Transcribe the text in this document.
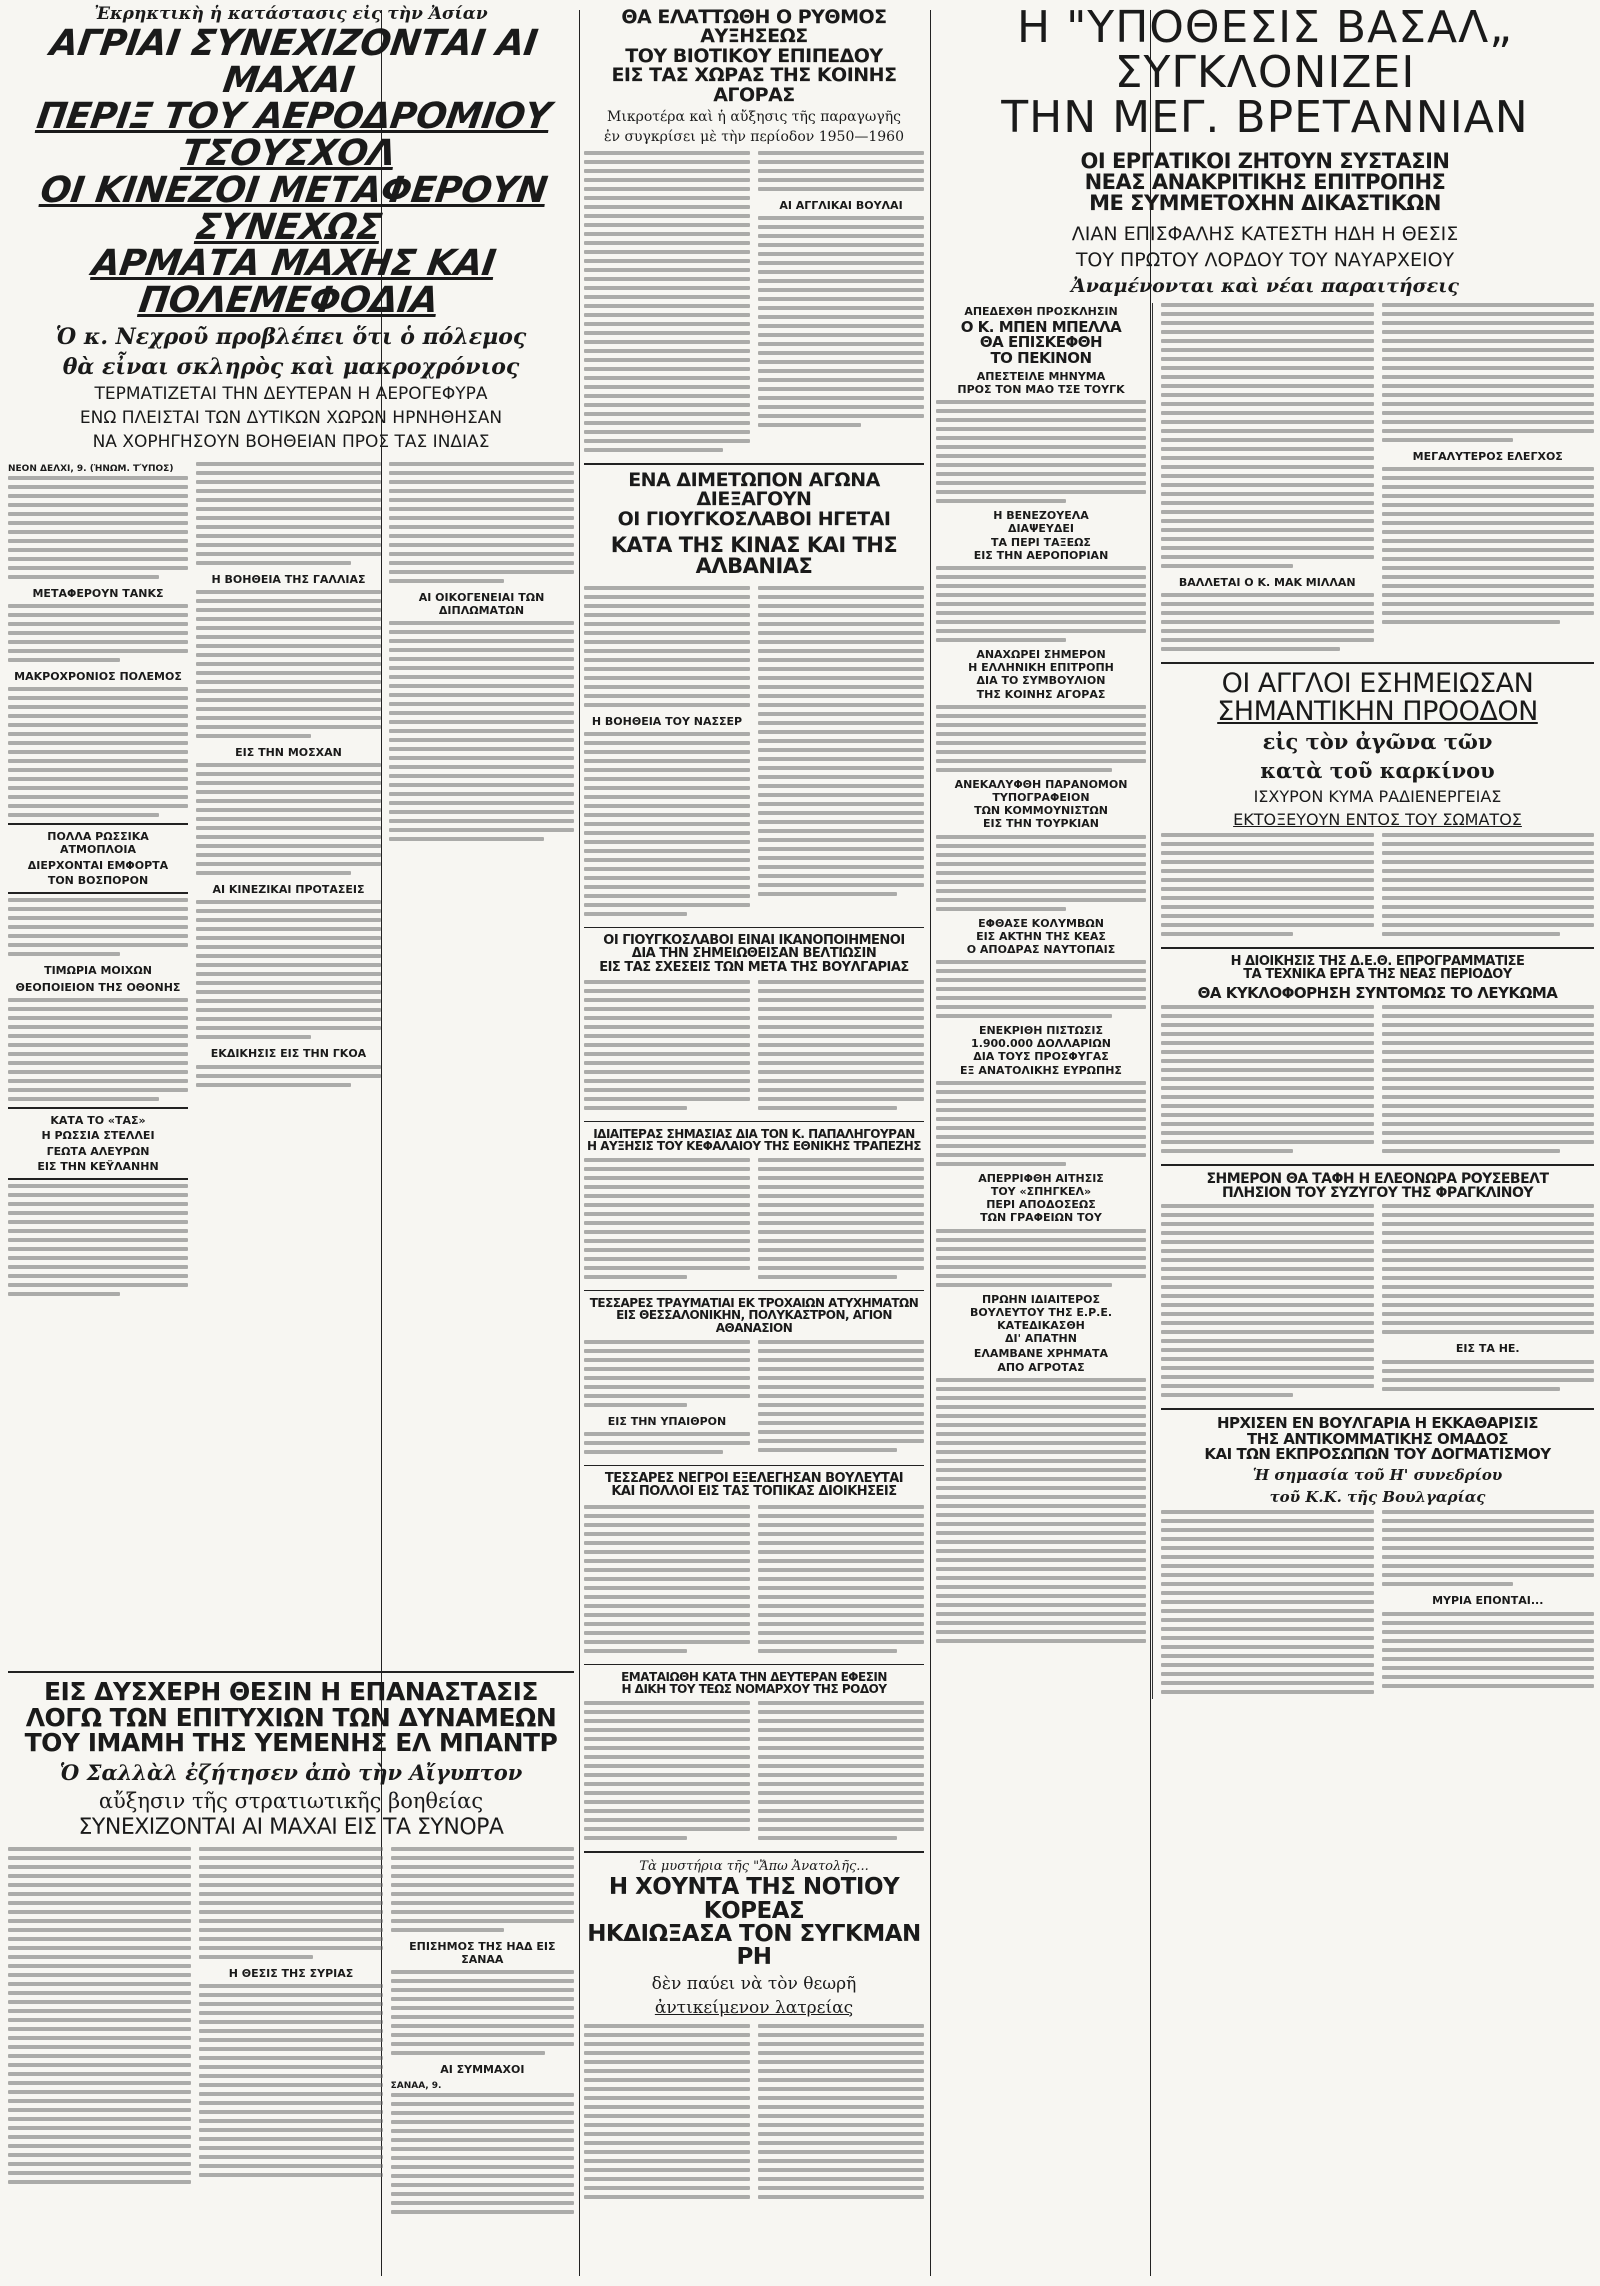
Ἐκρηκτικὴ ἡ κατάστασις εἰς τὴν Ἀσίαν
ΑΓΡΙΑΙ ΣΥΝΕΧΙΖΟΝΤΑΙ ΑΙ ΜΑΧΑΙ
ΠΕΡΙΞ ΤΟΥ ΑΕΡΟΔΡΟΜΙΟΥ ΤΣΟΥΣΧΟΛ
ΟΙ ΚΙΝΕΖΟΙ ΜΕΤΑΦΕΡΟΥΝ ΣΥΝΕΧΩΣ
ΑΡΜΑΤΑ ΜΑΧΗΣ ΚΑΙ ΠΟΛΕΜΕΦΟΔΙΑ
Ὁ κ. Νεχροῦ προβλέπει ὅτι ὁ πόλεμος
θὰ εἶναι σκληρὸς καὶ μακροχρόνιος
ΤΕΡΜΑΤΙΖΕΤΑΙ ΤΗΝ ΔΕΥΤΕΡΑΝ Η ΑΕΡΟΓΕΦΥΡΑ
ΕΝΩ ΠΛΕΙΣΤΑΙ ΤΩΝ ΔΥΤΙΚΩΝ ΧΩΡΩΝ ΗΡΝΗΘΗΣΑΝ
ΝΑ ΧΟΡΗΓΗΣΟΥΝ ΒΟΗΘΕΙΑΝ ΠΡΟΣ ΤΑΣ ΙΝΔΙΑΣ
ΝΕΟΝ ΔΕΛΧΙ, 9. (ἨΝΩΜ. ΤΎΠΟΣ)
ΜΕΤΑΦΕΡΟΥΝ ΤΑΝΚΣ
ΜΑΚΡΟΧΡΟΝΙΟΣ ΠΟΛΕΜΟΣ
ΠΟΛΛΑ ΡΩΣΣΙΚΑ ΑΤΜΟΠΛΟΙΑ
ΔΙΕΡΧΟΝΤΑΙ ΕΜΦΟΡΤΑ
ΤΟΝ ΒΟΣΠΟΡΟΝ
ΤΙΜΩΡΙΑ ΜΟΙΧΩΝ
ΘΕΟΠΟΙΕΙΟΝ ΤΗΣ ΟΘΟΝΗΣ
ΚΑΤΑ ΤΟ «ΤΑΣ»
Η ΡΩΣΣΙΑ ΣΤΕΛΛΕΙ
ΓΕΩΤΑ ΑΛΕΥΡΩΝ
ΕΙΣ ΤΗΝ ΚΕΫΛΑΝΗΝ
Η ΒΟΗΘΕΙΑ ΤΗΣ ΓΑΛΛΙΑΣ
ΕΙΣ ΤΗΝ ΜΟΣΧΑΝ
ΑΙ ΚΙΝΕΖΙΚΑΙ ΠΡΟΤΑΣΕΙΣ
ΕΚΔΙΚΗΣΙΣ ΕΙΣ ΤΗΝ ΓΚΟΑ
ΑΙ ΟΙΚΟΓΕΝΕΙΑΙ ΤΩΝ ΔΙΠΛΩΜΑΤΩΝ
ΘΑ ΕΛΑΤΤΩΘΗ Ο ΡΥΘΜΟΣ ΑΥΞΗΣΕΩΣ
ΤΟΥ ΒΙΟΤΙΚΟΥ ΕΠΙΠΕΔΟΥ
ΕΙΣ ΤΑΣ ΧΩΡΑΣ ΤΗΣ ΚΟΙΝΗΣ ΑΓΟΡΑΣ
Μικροτέρα καὶ ἡ αὔξησις τῆς παραγωγῆς
ἐν συγκρίσει μὲ τὴν περίοδον 1950—1960
ΑΙ ΑΓΓΛΙΚΑΙ ΒΟΥΛΑΙ
ΕΝΑ ΔΙΜΕΤΩΠΟΝ ΑΓΩΝΑ ΔΙΕΞΑΓΟΥΝ
ΟΙ ΓΙΟΥΓΚΟΣΛΑΒΟΙ ΗΓΕΤΑΙ
ΚΑΤΑ ΤΗΣ ΚΙΝΑΣ ΚΑΙ ΤΗΣ ΑΛΒΑΝΙΑΣ
Η ΒΟΗΘΕΙΑ ΤΟΥ ΝΑΣΣΕΡ
ΟΙ ΓΙΟΥΓΚΟΣΛΑΒΟΙ ΕΙΝΑΙ ΙΚΑΝΟΠΟΙΗΜΕΝΟΙ
ΔΙΑ ΤΗΝ ΣΗΜΕΙΩΘΕΙΣΑΝ ΒΕΛΤΙΩΣΙΝ
ΕΙΣ ΤΑΣ ΣΧΕΣΕΙΣ ΤΩΝ ΜΕΤΑ ΤΗΣ ΒΟΥΛΓΑΡΙΑΣ
ΙΔΙΑΙΤΕΡΑΣ ΣΗΜΑΣΙΑΣ ΔΙΑ ΤΟΝ Κ. ΠΑΠΑΛΗΓΟΥΡΑΝ
Η ΑΥΞΗΣΙΣ ΤΟΥ ΚΕΦΑΛΑΙΟΥ ΤΗΣ ΕΘΝΙΚΗΣ ΤΡΑΠΕΖΗΣ
ΤΕΣΣΑΡΕΣ ΤΡΑΥΜΑΤΙΑΙ ΕΚ ΤΡΟΧΑΙΩΝ ΑΤΥΧΗΜΑΤΩΝ
ΕΙΣ ΘΕΣΣΑΛΟΝΙΚΗΝ, ΠΟΛΥΚΑΣΤΡΟΝ, ΑΓΙΟΝ ΑΘΑΝΑΣΙΟΝ
ΕΙΣ ΤΗΝ ΥΠΑΙΘΡΟΝ
ΤΕΣΣΑΡΕΣ ΝΕΓΡΟΙ ΕΞΕΛΕΓΗΣΑΝ ΒΟΥΛΕΥΤΑΙ
ΚΑΙ ΠΟΛΛΟΙ ΕΙΣ ΤΑΣ ΤΟΠΙΚΑΣ ΔΙΟΙΚΗΣΕΙΣ
ΕΜΑΤΑΙΩΘΗ ΚΑΤΑ ΤΗΝ ΔΕΥΤΕΡΑΝ ΕΦΕΣΙΝ
Η ΔΙΚΗ ΤΟΥ ΤΕΩΣ ΝΟΜΑΡΧΟΥ ΤΗΣ ΡΟΔΟΥ
Τὰ μυστήρια τῆς "Ἄπω Ἀνατολῆς...
Η ΧΟΥΝΤΑ ΤΗΣ ΝΟΤΙΟΥ ΚΟΡΕΑΣ
ΗΚΔΙΩΞΑΣΑ ΤΟΝ ΣΥΓΚΜΑΝ ΡΗ
δὲν παύει νὰ τὸν θεωρῆ
ἀντικείμενον λατρείας
Η "ΥΠΟΘΕΣΙΣ ΒΑΣΑΛ„
ΣΥΓΚΛΟΝΙΖΕΙ
ΤΗΝ ΜΕΓ. ΒΡΕΤΑΝΝΙΑΝ
ΟΙ ΕΡΓΑΤΙΚΟΙ ΖΗΤΟΥΝ ΣΥΣΤΑΣΙΝ
ΝΕΑΣ ΑΝΑΚΡΙΤΙΚΗΣ ΕΠΙΤΡΟΠΗΣ
ΜΕ ΣΥΜΜΕΤΟΧΗΝ ΔΙΚΑΣΤΙΚΩΝ
ΛΙΑΝ ΕΠΙΣΦΑΛΗΣ ΚΑΤΕΣΤΗ ΗΔΗ Η ΘΕΣΙΣ
ΤΟΥ ΠΡΩΤΟΥ ΛΟΡΔΟΥ ΤΟΥ ΝΑΥΑΡΧΕΙΟΥ
Ἀναμένονται καὶ νέαι παραιτήσεις
ΑΠΕΔΕΧΘΗ ΠΡΟΣΚΛΗΣΙΝ
Ο Κ. ΜΠΕΝ ΜΠΕΛΛΑ
ΘΑ ΕΠΙΣΚΕΦΘΗ
ΤΟ ΠΕΚΙΝΟΝ
ΑΠΕΣΤΕΙΛΕ ΜΗΝΥΜΑ
ΠΡΟΣ ΤΟΝ ΜΑΟ ΤΣΕ ΤΟΥΓΚ
Η ΒΕΝΕΖΟΥΕΛΑ
ΔΙΑΨΕΥΔΕΙ
ΤΑ ΠΕΡΙ ΤΑΞΕΩΣ
ΕΙΣ ΤΗΝ ΑΕΡΟΠΟΡΙΑΝ
ΑΝΑΧΩΡΕΙ ΣΗΜΕΡΟΝ
Η ΕΛΛΗΝΙΚΗ ΕΠΙΤΡΟΠΗ
ΔΙΑ ΤΟ ΣΥΜΒΟΥΛΙΟΝ
ΤΗΣ ΚΟΙΝΗΣ ΑΓΟΡΑΣ
ΑΝΕΚΑΛΥΦΘΗ ΠΑΡΑΝΟΜΟΝ
ΤΥΠΟΓΡΑΦΕΙΟΝ
ΤΩΝ ΚΟΜΜΟΥΝΙΣΤΩΝ
ΕΙΣ ΤΗΝ ΤΟΥΡΚΙΑΝ
ΕΦΘΑΣΕ ΚΟΛΥΜΒΩΝ
ΕΙΣ ΑΚΤΗΝ ΤΗΣ ΚΕΑΣ
Ο ΑΠΟΔΡΑΣ ΝΑΥΤΟΠΑΙΣ
ΕΝΕΚΡΙΘΗ ΠΙΣΤΩΣΙΣ
1.900.000 ΔΟΛΛΑΡΙΩΝ
ΔΙΑ ΤΟΥΣ ΠΡΟΣΦΥΓΑΣ
ΕΞ ΑΝΑΤΟΛΙΚΗΣ ΕΥΡΩΠΗΣ
ΑΠΕΡΡΙΦΘΗ ΑΙΤΗΣΙΣ
ΤΟΥ «ΣΠΗΓΚΕΛ»
ΠΕΡΙ ΑΠΟΔΟΣΕΩΣ
ΤΩΝ ΓΡΑΦΕΙΩΝ ΤΟΥ
ΠΡΩΗΝ ΙΔΙΑΙΤΕΡΟΣ
ΒΟΥΛΕΥΤΟΥ ΤΗΣ Ε.Ρ.Ε.
ΚΑΤΕΔΙΚΑΣΘΗ
ΔΙ' ΑΠΑΤΗΝ
ΕΛΑΜΒΑΝΕ ΧΡΗΜΑΤΑ
ΑΠΟ ΑΓΡΟΤΑΣ
ΒΑΛΛΕΤΑΙ Ο Κ. ΜΑΚ ΜΙΛΛΑΝ
ΜΕΓΑΛΥΤΕΡΟΣ ΕΛΕΓΧΟΣ
ΟΙ ΑΓΓΛΟΙ ΕΣΗΜΕΙΩΣΑΝ
ΣΗΜΑΝΤΙΚΗΝ ΠΡΟΟΔΟΝ
εἰς τὸν ἀγῶνα τῶν
κατὰ τοῦ καρκίνου
ΙΣΧΥΡΟΝ ΚΥΜΑ ΡΑΔΙΕΝΕΡΓΕΙΑΣ
ΕΚΤΟΞΕΥΟΥΝ ΕΝΤΟΣ ΤΟΥ ΣΩΜΑΤΟΣ
Η ΔΙΟΙΚΗΣΙΣ ΤΗΣ Δ.Ε.Θ. ΕΠΡΟΓΡΑΜΜΑΤΙΣΕ
ΤΑ ΤΕΧΝΙΚΑ ΕΡΓΑ ΤΗΣ ΝΕΑΣ ΠΕΡΙΟΔΟΥ
ΘΑ ΚΥΚΛΟΦΟΡΗΣΗ ΣΥΝΤΟΜΩΣ ΤΟ ΛΕΥΚΩΜΑ
ΣΗΜΕΡΟΝ ΘΑ ΤΑΦΗ Η ΕΛΕΟΝΩΡΑ ΡΟΥΣΕΒΕΛΤ
ΠΛΗΣΙΟΝ ΤΟΥ ΣΥΖΥΓΟΥ ΤΗΣ ΦΡΑΓΚΛΙΝΟΥ
ΕΙΣ ΤΑ ΗΕ.
ΗΡΧΙΣΕΝ ΕΝ ΒΟΥΛΓΑΡΙΑ Η ΕΚΚΑΘΑΡΙΣΙΣ
ΤΗΣ ΑΝΤΙΚΟΜΜΑΤΙΚΗΣ ΟΜΑΔΟΣ
ΚΑΙ ΤΩΝ ΕΚΠΡΟΣΩΠΩΝ ΤΟΥ ΔΟΓΜΑΤΙΣΜΟΥ
Ἡ σημασία τοῦ Η' συνεδρίου
τοῦ Κ.Κ. τῆς Βουλγαρίας
ΜΥΡΙΑ ΕΠΟΝΤΑΙ...
ΕΙΣ ΔΥΣΧΕΡΗ ΘΕΣΙΝ Η ΕΠΑΝΑΣΤΑΣΙΣ
ΛΟΓΩ ΤΩΝ ΕΠΙΤΥΧΙΩΝ ΤΩΝ ΔΥΝΑΜΕΩΝ
ΤΟΥ ΙΜΑΜΗ ΤΗΣ ΥΕΜΕΝΗΣ ΕΛ ΜΠΑΝΤΡ
Ὁ Σαλλὰλ ἐζήτησεν ἀπὸ τὴν Αἴγυπτον
αὔξησιν τῆς στρατιωτικῆς βοηθείας
ΣΥΝΕΧΙΖΟΝΤΑΙ ΑΙ ΜΑΧΑΙ ΕΙΣ ΤΑ ΣΥΝΟΡΑ
Η ΘΕΣΙΣ ΤΗΣ ΣΥΡΙΑΣ
ΕΠΙΣΗΜΟΣ ΤΗΣ ΗΑΔ ΕΙΣ ΣΑΝΑΑ
ΑΙ ΣΥΜΜΑΧΟΙ
ΣΑΝΑΑ, 9.
